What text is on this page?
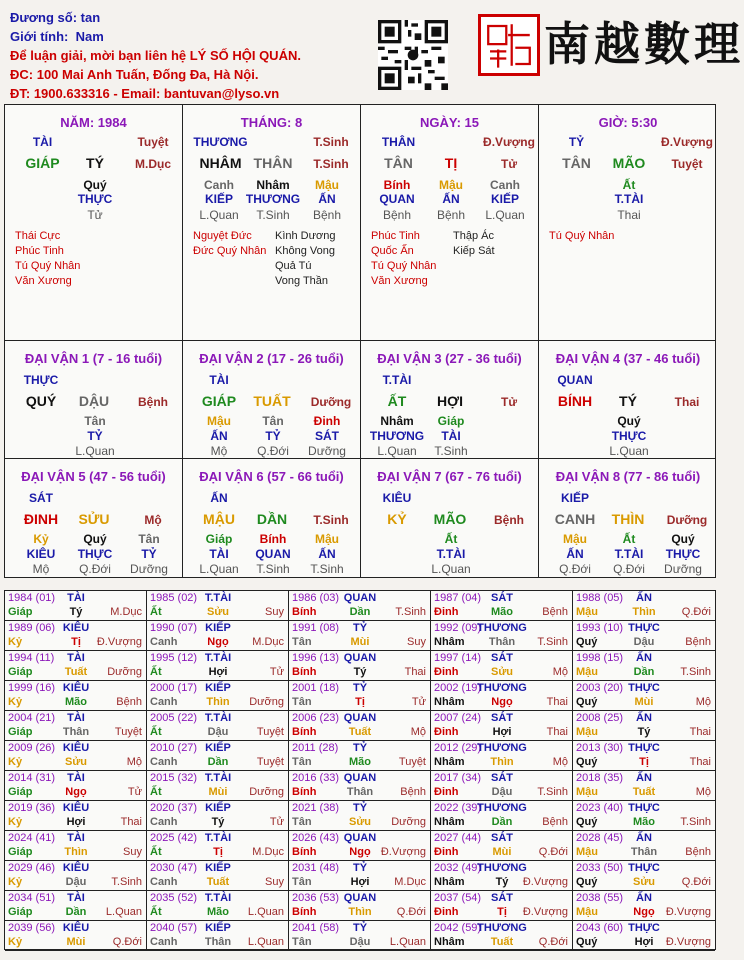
Đương số: tan
Giới tính: Nam
Để luận giải, mời bạn liên hệ LÝ SỐ HỘI QUÁN.
ĐC: 100 Mai Anh Tuấn, Đống Đa, Hà Nội.
ĐT: 1900.633316 - Email: bantuvan@lyso.vn
南越數理
NĂM: 1984
TÀI	Tuyệt
GIÁP	TÝ	M.Dục
Quý
THỰC
Tử
Thái Cực
Phúc Tinh
Tú Quý Nhân
Văn Xương
THÁNG: 8
THƯƠNG	T.Sinh
NHÂM THÂN	T.Sinh
Canh	Nhâm	Mậu
KIẾP	THƯƠNG	ẤN
L.Quan	T.Sinh	Bệnh
Nguyệt Đức
Đức Quý Nhân
Kình Dương
Không Vong
Quả Tú
Vong Thần
NGÀY: 15
THÂN	Đ.Vượng
TÂN	TỊ	Tử
Bính	Mậu	Canh
QUAN	ẤN	KIẾP
Bệnh	Bệnh	L.Quan
Phúc Tinh
Quốc Ấn
Tú Quý Nhân
Văn Xương
Thập Ác
Kiếp Sát
GIỜ: 5:30
TỶ	Đ.Vượng
TÂN	MÃO	Tuyệt
Ất
T.TÀI
Thai
Tú Quý Nhân
ĐẠI VẬN 1 (7 - 16 tuổi)
THỰC
QUÝ	DẬU	Bệnh
Tân
TỶ
L.Quan
ĐẠI VẬN 2 (17 - 26 tuổi)
TÀI
GIÁP	TUẤT	Dưỡng
Mậu	Tân	Đinh
ẤN	TỶ	SÁT
Mộ	Q.Đới	Dưỡng
ĐẠI VẬN 3 (27 - 36 tuổi)
T.TÀI
ẤT	HỢI	Tử
Nhâm	Giáp
THƯƠNG	TÀI
L.Quan	T.Sinh
ĐẠI VẬN 4 (37 - 46 tuổi)
QUAN
BÍNH	TÝ	Thai
Quý
THỰC
L.Quan
ĐẠI VẬN 5 (47 - 56 tuổi)
SÁT
ĐINH	SỬU	Mộ
Kỷ	Quý	Tân
KIÊU	THỰC	TỶ
Mộ	Q.Đới	Dưỡng
ĐẠI VẬN 6 (57 - 66 tuổi)
ẤN
MẬU	DẦN	T.Sinh
Giáp	Bính	Mậu
TÀI	QUAN	ẤN
L.Quan	T.Sinh	T.Sinh
ĐẠI VẬN 7 (67 - 76 tuổi)
KIÊU
KỶ	MÃO	Bệnh
Ất
T.TÀI
L.Quan
ĐẠI VẬN 8 (77 - 86 tuổi)
KIẾP
CANH	THÌN	Dưỡng
Mậu	Ất	Quý
ẤN	T.TÀI	THỰC
Q.Đới	Q.Đới	Dưỡng
1984 (01)	TÀI
Giáp	Tý	M.Dục
1985 (02) T.TÀI
Ất	Sửu	Suy
1986 (03) QUAN
Bính	Dần	T.Sinh
1987 (04) SÁT
Đinh	Mão	Bệnh
1988 (05)	ẤN
Mậu	Thìn	Q.Đới
1989 (06) KIÊU
Kỷ	Tị	Đ.Vượng
1990 (07) KIẾP
Canh	Ngọ	M.Dục
1991 (08)	TỶ
Tân	Mùi	Suy
1992 (09)
THƯƠNG
Nhâm	Thân	T.Sinh
1993 (10) THỰC
Quý	Dậu	Bệnh
1994 (11)	TÀI
Giáp	Tuất	Dưỡng
1995 (12) T.TÀI
Ất	Hợi	Tử
1996 (13) QUAN
Bính	Tý	Thai
1997 (14) SÁT
Đinh	Sửu	Mộ
1998 (15)	ẤN
Mậu	Dần	T.Sinh
1999 (16) KIÊU
Kỷ	Mão	Bệnh
2000 (17) KIẾP
Canh	Thìn	Dưỡng
2001 (18)	TỶ
Tân	Tị	Tử
2002 (19)
THƯƠNG
Nhâm	Ngọ	Thai
2003 (20) THỰC
Quý	Mùi	Mộ
2004 (21)	TÀI
Giáp	Thân	Tuyệt
2005 (22) T.TÀI
Ất	Dậu	Tuyệt
2006 (23) QUAN
Bính	Tuất	Mộ
2007 (24) SÁT
Đinh	Hợi	Thai
2008 (25)	ẤN
Mậu	Tý	Thai
2009 (26) KIÊU
Kỷ	Sửu	Mộ
2010 (27) KIẾP
Canh	Dần	Tuyệt
2011 (28)	TỶ
Tân	Mão	Tuyệt
2012 (29)
THƯƠNG
Nhâm	Thìn	Mộ
2013 (30) THỰC
Quý	Tị	Thai
2014 (31)	TÀI
Giáp	Ngọ	Tử
2015 (32) T.TÀI
Ất	Mùi	Dưỡng
2016 (33) QUAN
Bính	Thân	Bệnh
2017 (34) SÁT
Đinh	Dậu	T.Sinh
2018 (35)	ẤN
Mậu	Tuất	Mộ
2019 (36) KIÊU
Kỷ	Hợi	Thai
2020 (37) KIẾP
Canh	Tý	Tử
2021 (38)	TỶ
Tân	Sửu	Dưỡng
2022 (39)
THƯƠNG
Nhâm	Dần	Bệnh
2023 (40) THỰC
Quý	Mão	T.Sinh
2024 (41)	TÀI
Giáp	Thìn	Suy
2025 (42) T.TÀI
Ất	Tị	M.Dục
2026 (43) QUAN
Bính	Ngọ Đ.Vượng
2027 (44) SÁT
Đinh	Mùi	Q.Đới
2028 (45)	ẤN
Mậu	Thân	Bệnh
2029 (46) KIÊU
Kỷ	Dậu	T.Sinh
2030 (47) KIẾP
Canh	Tuất	Suy
2031 (48)	TỶ
Tân	Hợi	M.Dục
2032 (49)
THƯƠNG
Nhâm	Tý	Đ.Vượng
2033 (50) THỰC
Quý	Sửu	Q.Đới
2034 (51)	TÀI
Giáp	Dần	L.Quan
2035 (52) T.TÀI
Ất	Mão	L.Quan
2036 (53) QUAN
Bính	Thìn	Q.Đới
2037 (54) SÁT
Đinh	Tị	Đ.Vượng
2038 (55)	ẤN
Mậu	Ngọ	Đ.Vượng
2039 (56) KIÊU
Kỷ	Mùi	Q.Đới
2040 (57) KIẾP
Canh	Thân	L.Quan
2041 (58)	TỶ
Tân	Dậu	L.Quan
2042 (59)
THƯƠNG
Nhâm	Tuất	Q.Đới
2043 (60) THỰC
Quý	Hợi	Đ.Vượng
